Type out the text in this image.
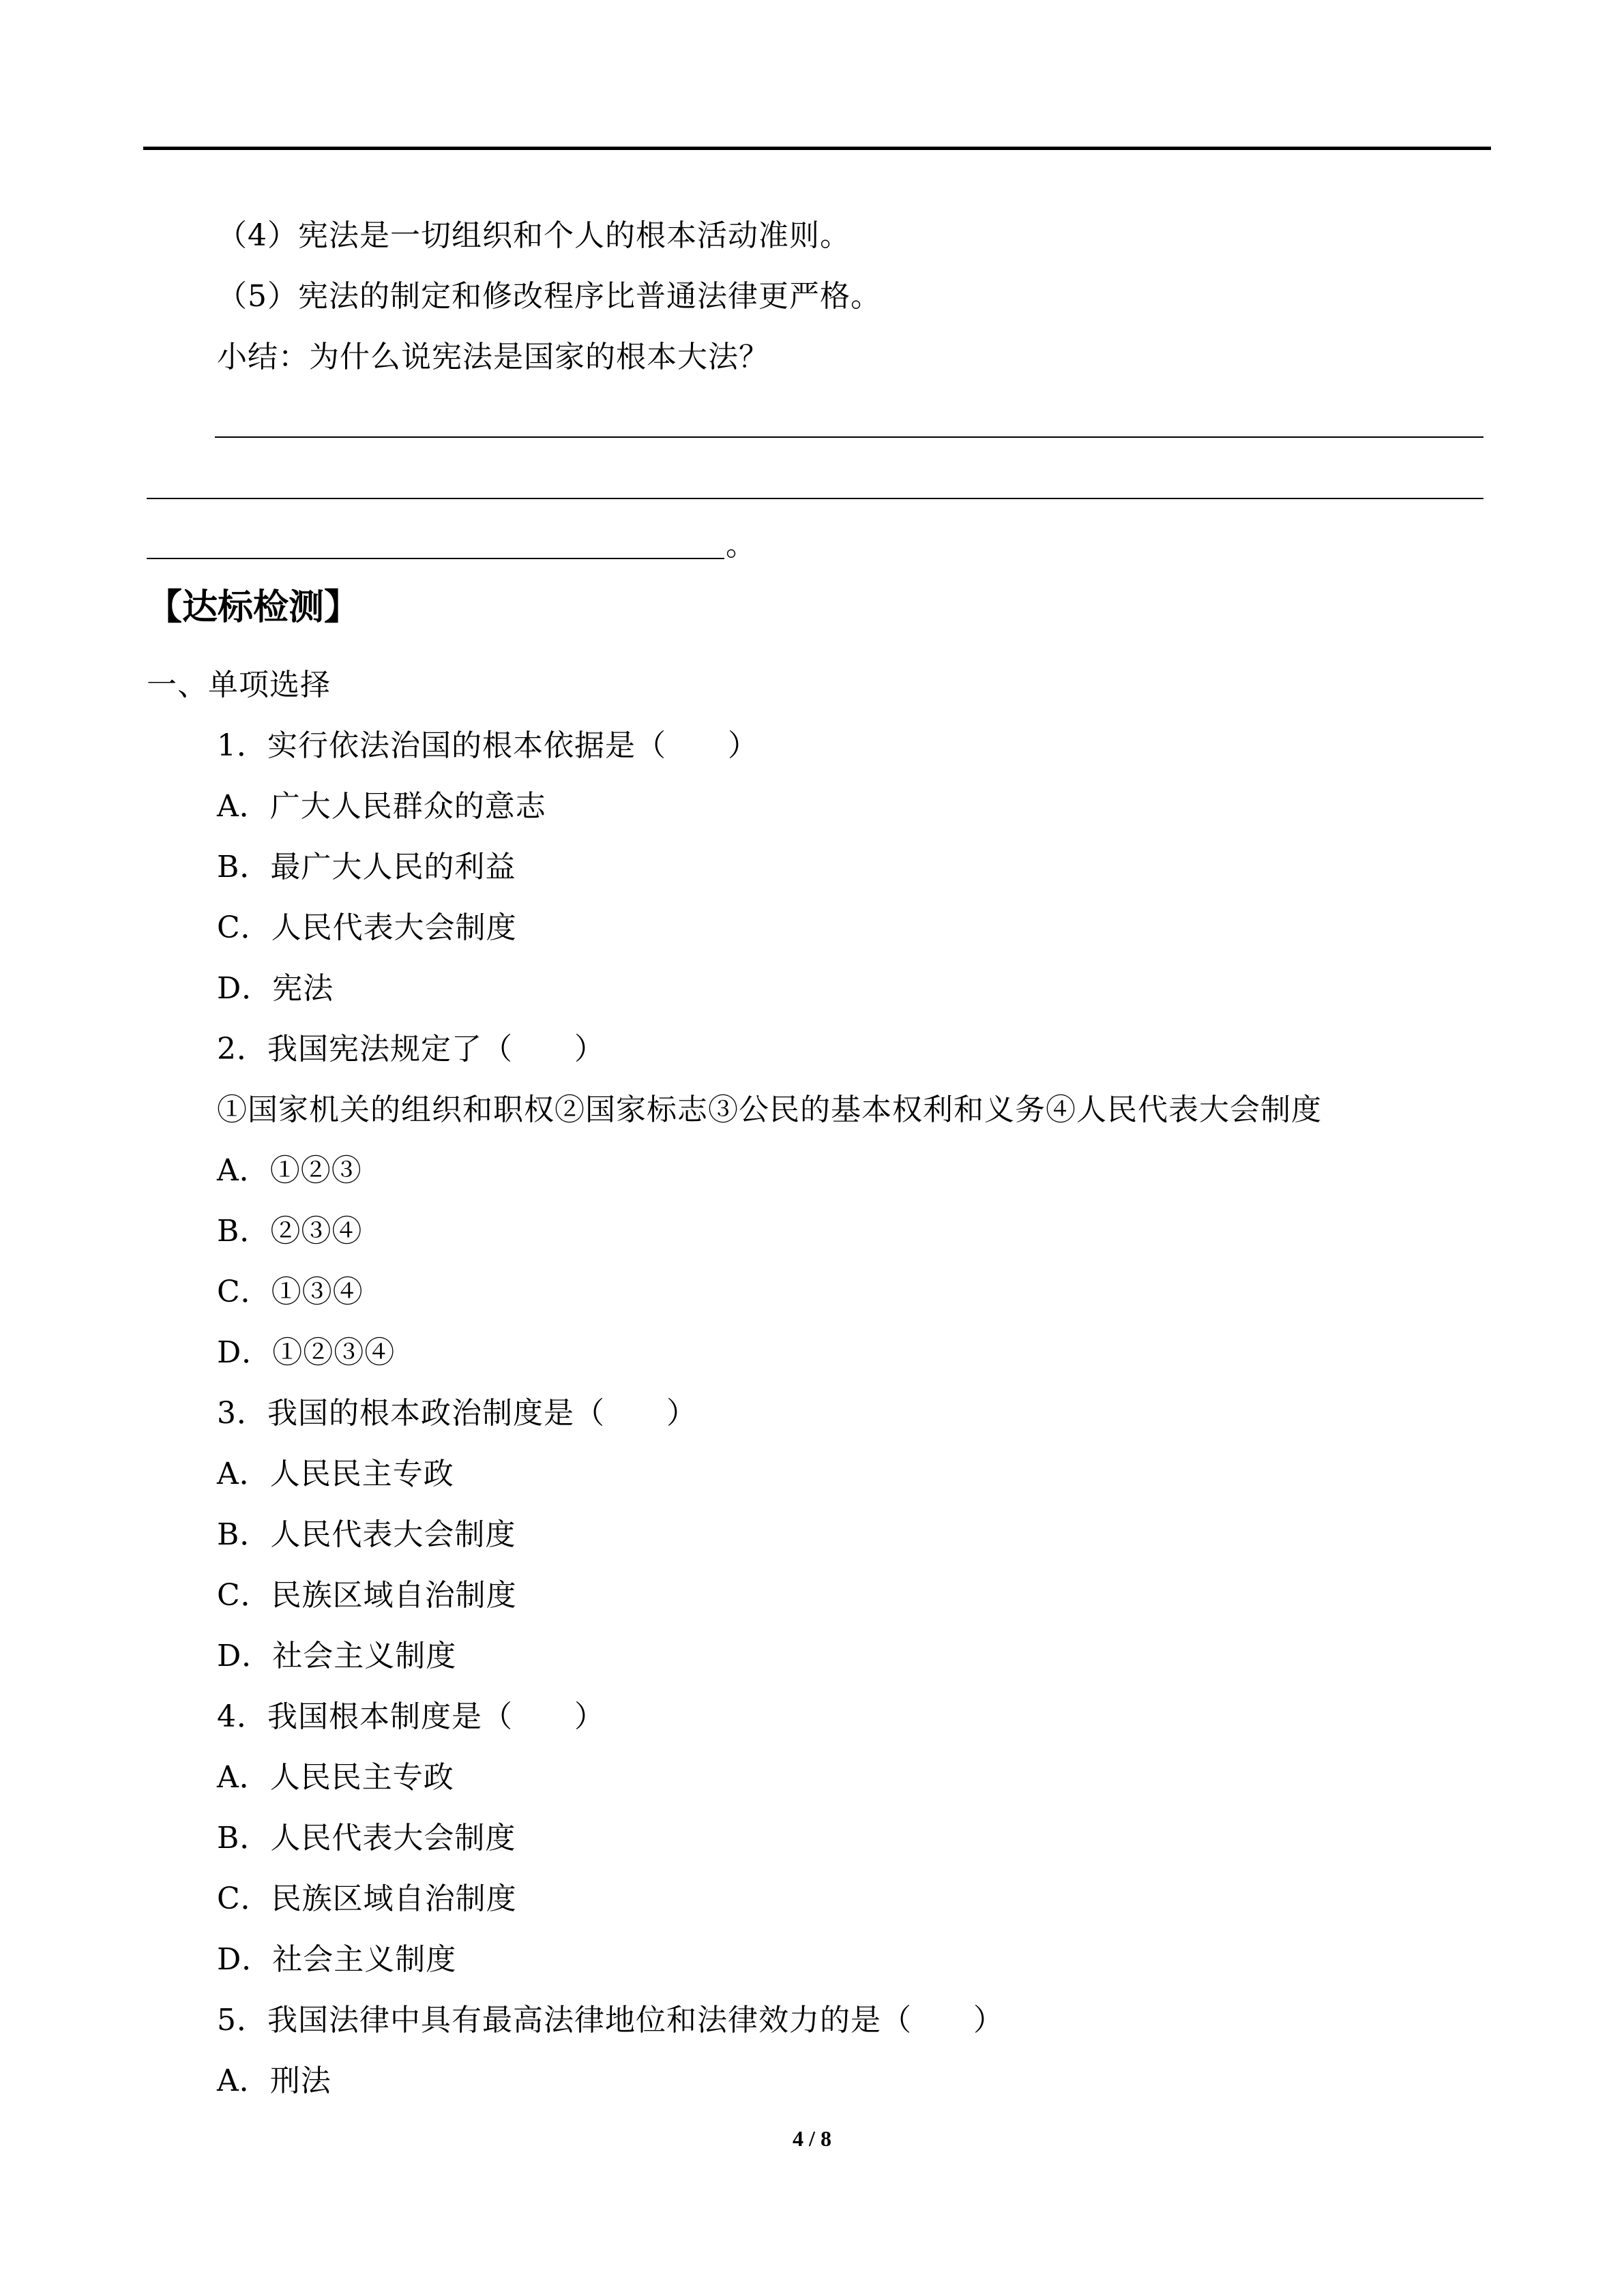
（4）宪法是一切组织和个人的根本活动准则。
（5）宪法的制定和修改程序比普通法律更严格。
小结：为什么说宪法是国家的根本大法？
。
【达标检测】
一、单项选择
1．实行依法治国的根本依据是（　　）
A．广大人民群众的意志
B．最广大人民的利益
C．人民代表大会制度
D．宪法
2．我国宪法规定了（　　）
①国家机关的组织和职权②国家标志③公民的基本权利和义务④人民代表大会制度
A．①②③
B．②③④
C．①③④
D．①②③④
3．我国的根本政治制度是（　　）
A．人民民主专政
B．人民代表大会制度
C．民族区域自治制度
D．社会主义制度
4．我国根本制度是（　　）
A．人民民主专政
B．人民代表大会制度
C．民族区域自治制度
D．社会主义制度
5．我国法律中具有最高法律地位和法律效力的是（　　）
A．刑法
4 / 8
